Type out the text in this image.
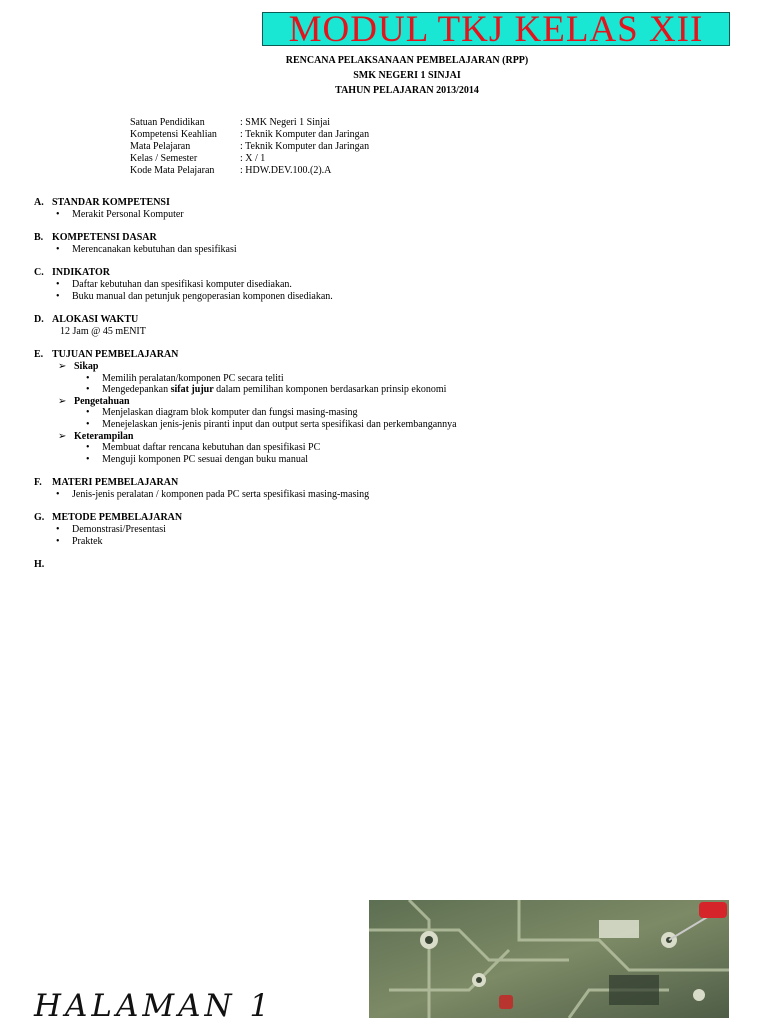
MODUL TKJ KELAS XII
RENCANA PELAKSANAAN PEMBELAJARAN (RPP)
SMK NEGERI 1 SINJAI
TAHUN PELAJARAN 2013/2014
Satuan Pendidikan	: SMK Negeri 1 Sinjai
Kompetensi Keahlian	: Teknik Komputer dan Jaringan
Mata Pelajaran	: Teknik Komputer dan Jaringan
Kelas / Semester	: X / 1
Kode Mata Pelajaran	: HDW.DEV.100.(2).A
A. STANDAR KOMPETENSI
• Merakit Personal Komputer
B. KOMPETENSI DASAR
• Merencanakan kebutuhan dan spesifikasi
C. INDIKATOR
• Daftar kebutuhan dan spesifikasi komputer disediakan.
• Buku manual dan petunjuk pengoperasian komponen disediakan.
D. ALOKASI WAKTU
12 Jam @ 45 mENIT
E. TUJUAN PEMBELAJARAN
➢ Sikap
• Memilih peralatan/komponen PC secara teliti
• Mengedepankan sifat jujur dalam pemilihan komponen berdasarkan prinsip ekonomi
➢ Pengetahuan
• Menjelaskan diagram blok komputer dan fungsi masing-masing
• Menejelaskan jenis-jenis piranti input dan output serta spesifikasi dan perkembangannya
➢ Keterampilan
• Membuat daftar rencana kebutuhan dan spesifikasi PC
• Menguji komponen PC sesuai dengan buku manual
F.	MATERI PEMBELAJARAN
• Jenis-jenis peralatan / komponen pada PC serta spesifikasi masing-masing
G. METODE PEMBELAJARAN
• Demonstrasi/Presentasi
• Praktek
H.
HALAMAN 1
